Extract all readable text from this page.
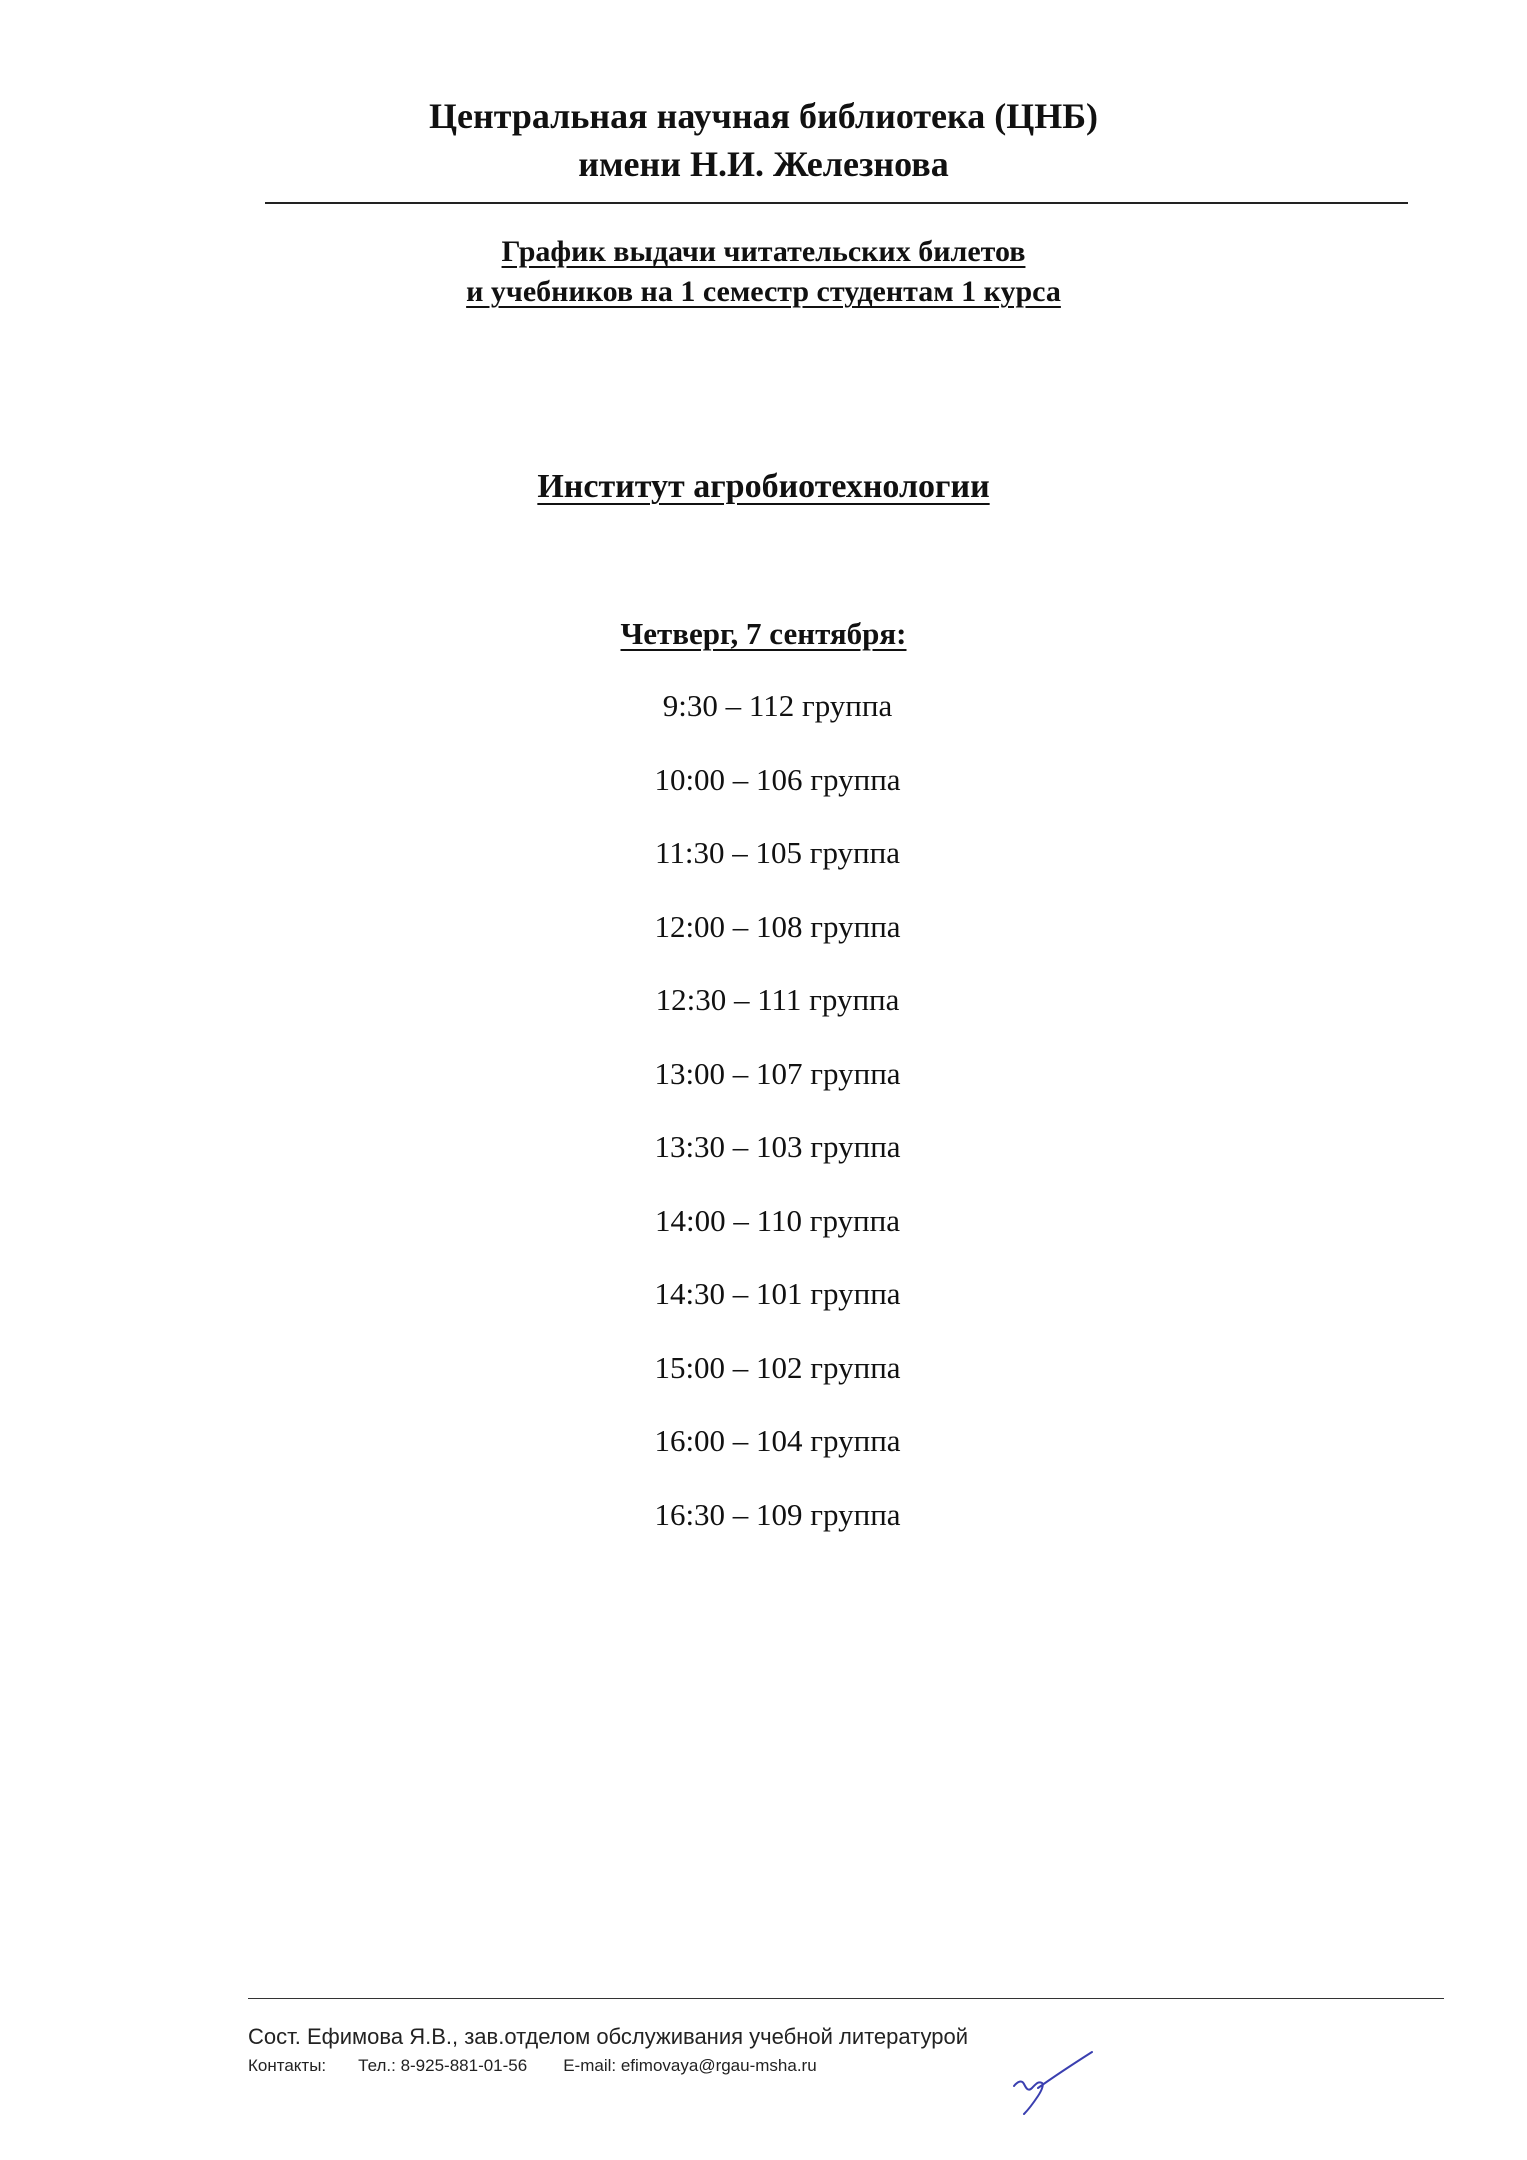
Центральная научная библиотека (ЦНБ)
имени Н.И. Железнова
График выдачи читательских билетов
и учебников на 1 семестр студентам 1 курса
Институт агробиотехнологии
Четверг, 7 сентября:
9:30 – 112 группа
10:00 – 106 группа
11:30 – 105 группа
12:00 – 108 группа
12:30 – 111 группа
13:00 – 107 группа
13:30 – 103 группа
14:00 – 110 группа
14:30 – 101 группа
15:00 – 102 группа
16:00 – 104 группа
16:30 – 109 группа
Сост. Ефимова Я.В., зав.отделом обслуживания учебной литературой
Контакты: Тел.: 8-925-881-01-56 E-mail: efimovaya@rgau-msha.ru
